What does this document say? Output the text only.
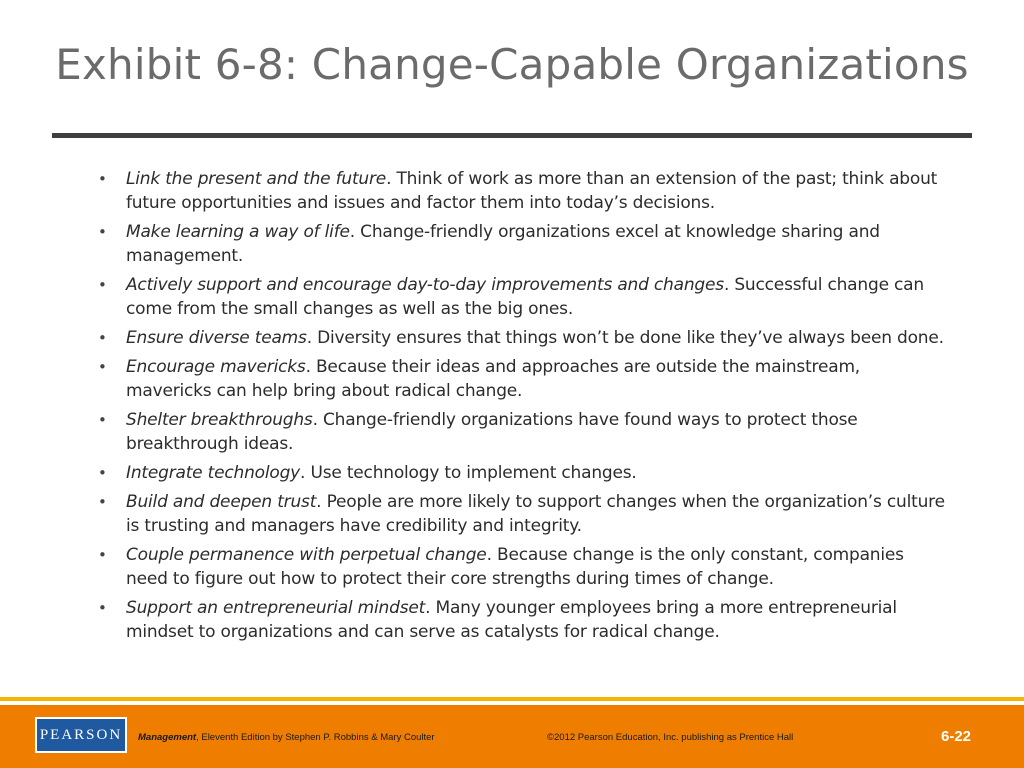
Exhibit 6-8: Change-Capable Organizations
• Link the present and the future. Think of work as more than an extension of the past; think about future opportunities and issues and factor them into today’s decisions.
• Make learning a way of life. Change-friendly organizations excel at knowledge sharing and management.
• Actively support and encourage day-to-day improvements and changes. Successful change can come from the small changes as well as the big ones.
• Ensure diverse teams. Diversity ensures that things won’t be done like they’ve always been done.
• Encourage mavericks. Because their ideas and approaches are outside the mainstream, mavericks can help bring about radical change.
• Shelter breakthroughs. Change-friendly organizations have found ways to protect those breakthrough ideas.
• Integrate technology. Use technology to implement changes.
• Build and deepen trust. People are more likely to support changes when the organization’s culture is trusting and managers have credibility and integrity.
• Couple permanence with perpetual change. Because change is the only constant, companies need to figure out how to protect their core strengths during times of change.
• Support an entrepreneurial mindset. Many younger employees bring a more entrepreneurial mindset to organizations and can serve as catalysts for radical change.
PEARSON	Management, Eleventh Edition by Stephen P. Robbins & Mary Coulter	©2012 Pearson Education, Inc. publishing as Prentice Hall	6-22
